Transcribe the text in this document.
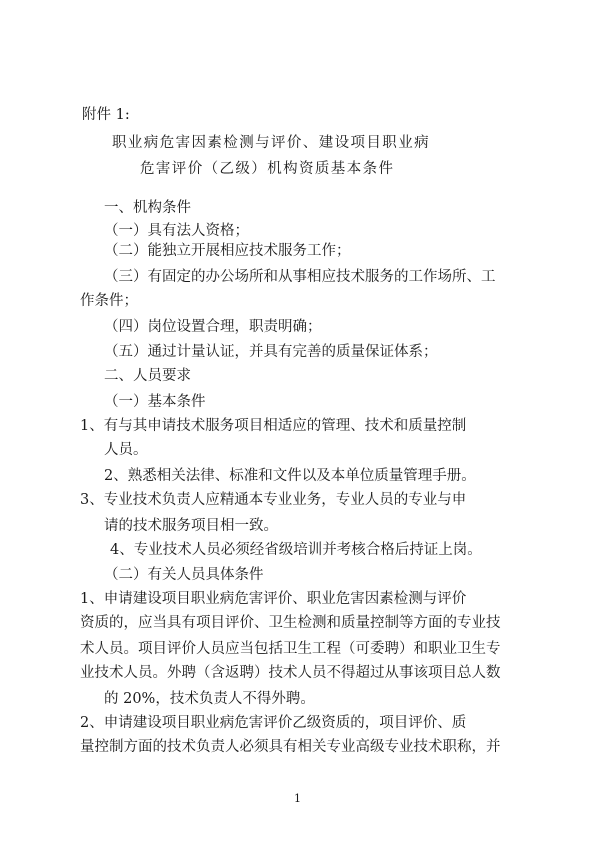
附件 1:
职业病危害因素检测与评价、建设项目职业病
危害评价（乙级）机构资质基本条件
一、机构条件
（一）具有法人资格；
（二）能独立开展相应技术服务工作；
（三）有固定的办公场所和从事相应技术服务的工作场所、工
作条件；
（四）岗位设置合理，职责明确；
（五）通过计量认证，并具有完善的质量保证体系；
二、人员要求
（一）基本条件
1、有与其申请技术服务项目相适应的管理、技术和质量控制
人员。
2、熟悉相关法律、标准和文件以及本单位质量管理手册。
3、专业技术负责人应精通本专业业务，专业人员的专业与申
请的技术服务项目相一致。
4、专业技术人员必须经省级培训并考核合格后持证上岗。
（二）有关人员具体条件
1、申请建设项目职业病危害评价、职业危害因素检测与评价
资质的，应当具有项目评价、卫生检测和质量控制等方面的专业技
术人员。项目评价人员应当包括卫生工程（可委聘）和职业卫生专
业技术人员。外聘（含返聘）技术人员不得超过从事该项目总人数
的 20%，技术负责人不得外聘。
2、申请建设项目职业病危害评价乙级资质的，项目评价、质
量控制方面的技术负责人必须具有相关专业高级专业技术职称，并
1
